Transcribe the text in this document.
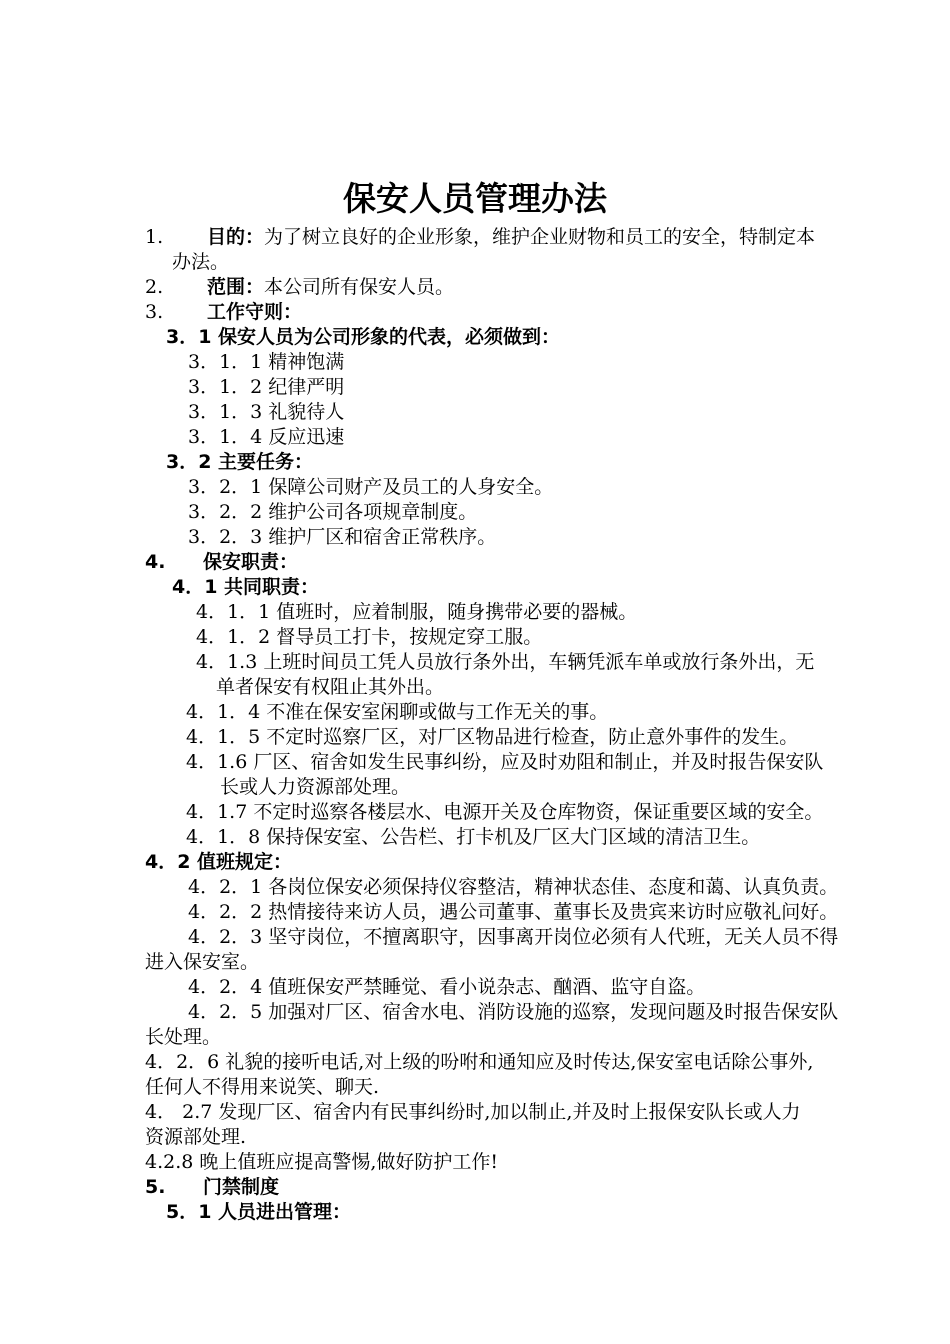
保安人员管理办法
1. 目的：为了树立良好的企业形象，维护企业财物和员工的安全，特制定本
办法。
2. 范围：本公司所有保安人员。
3. 工作守则：
3．1 保安人员为公司形象的代表，必须做到：
3．1．1 精神饱满
3．1．2 纪律严明
3．1．3 礼貌待人
3．1．4 反应迅速
3．2 主要任务：
3．2．1 保障公司财产及员工的人身安全。
3．2．2 维护公司各项规章制度。
3．2．3 维护厂区和宿舍正常秩序。
4. 保安职责：
4．1 共同职责：
4．1．1 值班时，应着制服，随身携带必要的器械。
4．1．2 督导员工打卡，按规定穿工服。
4．1.3 上班时间员工凭人员放行条外出，车辆凭派车单或放行条外出，无
单者保安有权阻止其外出。
4．1．4 不准在保安室闲聊或做与工作无关的事。
4．1．5 不定时巡察厂区，对厂区物品进行检查，防止意外事件的发生。
4．1.6 厂区、宿舍如发生民事纠纷，应及时劝阻和制止，并及时报告保安队
长或人力资源部处理。
4．1.7 不定时巡察各楼层水、电源开关及仓库物资，保证重要区域的安全。
4．1．8 保持保安室、公告栏、打卡机及厂区大门区域的清洁卫生。
4．2 值班规定：
4．2．1 各岗位保安必须保持仪容整洁，精神状态佳、态度和蔼、认真负责。
4．2．2 热情接待来访人员，遇公司董事、董事长及贵宾来访时应敬礼问好。
4．2．3 坚守岗位，不擅离职守，因事离开岗位必须有人代班，无关人员不得
进入保安室。
4．2．4 值班保安严禁睡觉、看小说杂志、酗酒、监守自盗。
4．2．5 加强对厂区、宿舍水电、消防设施的巡察，发现问题及时报告保安队
长处理。
4．2．6 礼貌的接听电话,对上级的吩咐和通知应及时传达,保安室电话除公事外,
任何人不得用来说笑、聊天.
4． 2.7 发现厂区、宿舍内有民事纠纷时,加以制止,并及时上报保安队长或人力
资源部处理.
4.2.8 晚上值班应提高警惕,做好防护工作!
5. 门禁制度
5．1 人员进出管理：
